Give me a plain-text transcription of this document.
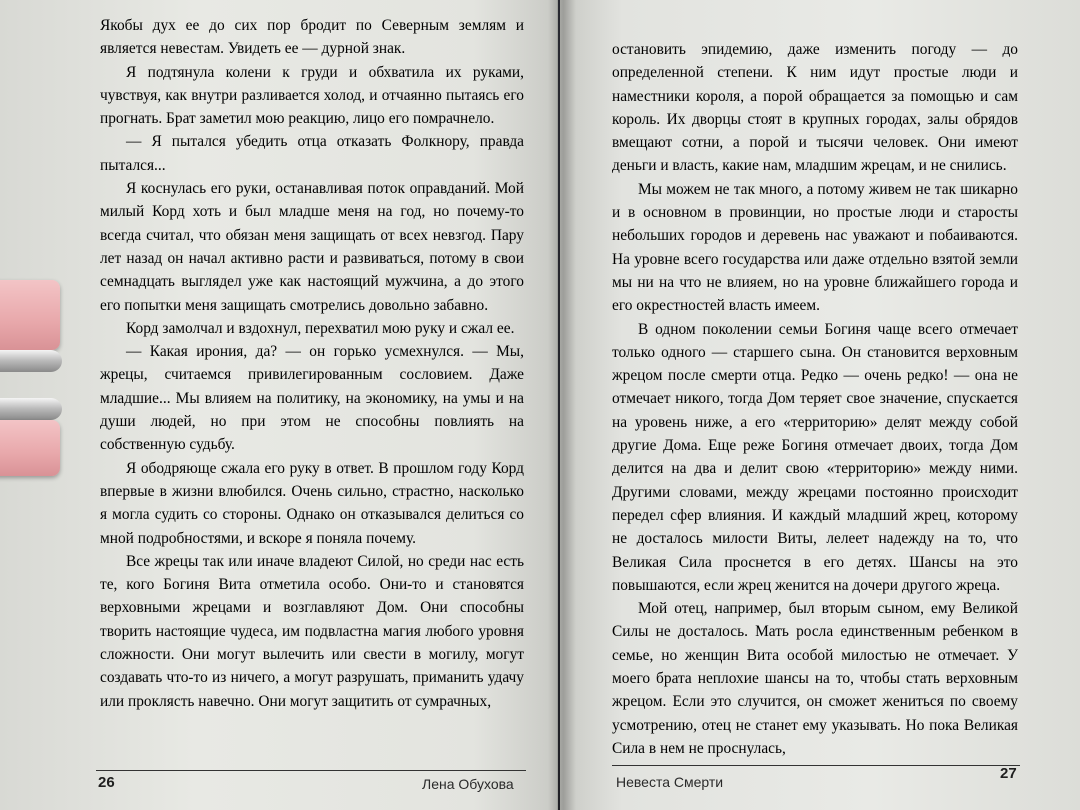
Якобы дух ее до сих пор бродит по Северным землям и является невестам. Увидеть ее — дурной знак.

Я подтянула колени к груди и обхватила их руками, чувствуя, как внутри разливается холод, и отчаянно пытаясь его прогнать. Брат заметил мою реакцию, лицо его помрачнело.

— Я пытался убедить отца отказать Фолкнору, правда пытался...

Я коснулась его руки, останавливая поток оправданий. Мой милый Корд хоть и был младше меня на год, но почему-то всегда считал, что обязан меня защищать от всех невзгод. Пару лет назад он начал активно расти и развиваться, потому в свои семнадцать выглядел уже как настоящий мужчина, а до этого его попытки меня защищать смотрелись довольно забавно.

Корд замолчал и вздохнул, перехватил мою руку и сжал ее.

— Какая ирония, да? — он горько усмехнулся. — Мы, жрецы, считаемся привилегированным сословием. Даже младшие... Мы влияем на политику, на экономику, на умы и на души людей, но при этом не способны повлиять на собственную судьбу.

Я ободряюще сжала его руку в ответ. В прошлом году Корд впервые в жизни влюбился. Очень сильно, страстно, насколько я могла судить со стороны. Однако он отказывался делиться со мной подробностями, и вскоре я поняла почему.

Все жрецы так или иначе владеют Силой, но среди нас есть те, кого Богиня Вита отметила особо. Они-то и становятся верховными жрецами и возглавляют Дом. Они способны творить настоящие чудеса, им подвластна магия любого уровня сложности. Они могут вылечить или свести в могилу, могут создавать что-то из ничего, а могут разрушать, приманить удачу или проклясть навечно. Они могут защитить от сумрачных,

остановить эпидемию, даже изменить погоду — до определенной степени. К ним идут простые люди и наместники короля, а порой обращается за помощью и сам король. Их дворцы стоят в крупных городах, залы обрядов вмещают сотни, а порой и тысячи человек. Они имеют деньги и власть, какие нам, младшим жрецам, и не снились.

Мы можем не так много, а потому живем не так шикарно и в основном в провинции, но простые люди и старосты небольших городов и деревень нас уважают и побаиваются. На уровне всего государства или даже отдельно взятой земли мы ни на что не влияем, но на уровне ближайшего города и его окрестностей власть имеем.

В одном поколении семьи Богиня чаще всего отмечает только одного — старшего сына. Он становится верховным жрецом после смерти отца. Редко — очень редко! — она не отмечает никого, тогда Дом теряет свое значение, спускается на уровень ниже, а его «территорию» делят между собой другие Дома. Еще реже Богиня отмечает двоих, тогда Дом делится на два и делит свою «территорию» между ними. Другими словами, между жрецами постоянно происходит передел сфер влияния. И каждый младший жрец, которому не досталось милости Виты, лелеет надежду на то, что Великая Сила проснется в его детях. Шансы на это повышаются, если жрец женится на дочери другого жреца.

Мой отец, например, был вторым сыном, ему Великой Силы не досталось. Мать росла единственным ребенком в семье, но женщин Вита особой милостью не отмечает. У моего брата неплохие шансы на то, чтобы стать верховным жрецом. Если это случится, он сможет жениться по своему усмотрению, отец не станет ему указывать. Но пока Великая Сила в нем не проснулась,

26	Лена Обухова	Невеста Смерти	27
